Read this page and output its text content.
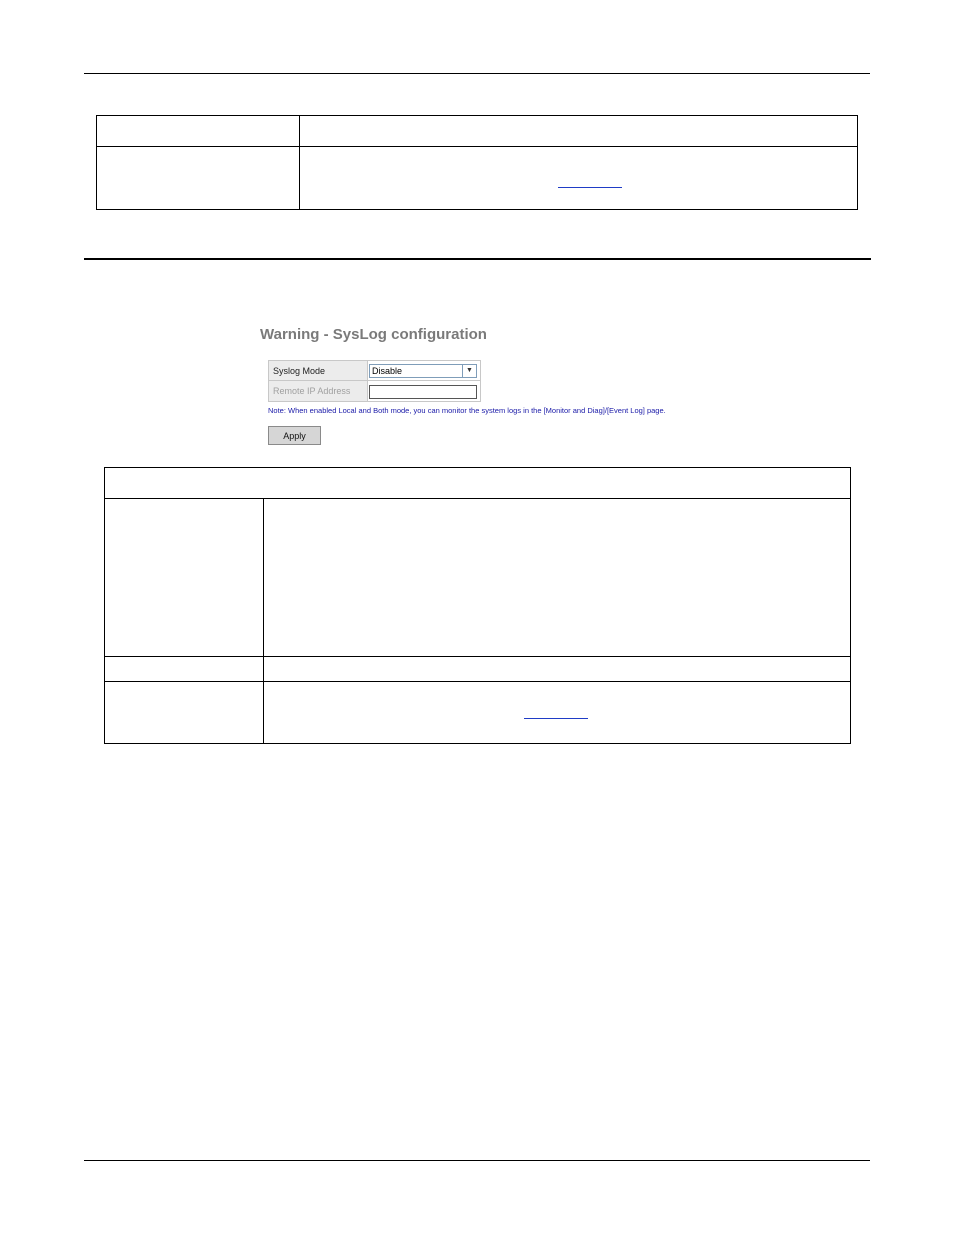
Warning - SysLog configuration
Syslog Mode	Disable ▼

Remote IP Address	
Note: When enabled Local and Both mode, you can monitor the system logs in the [Monitor and Diag]/[Event Log] page.
Apply
